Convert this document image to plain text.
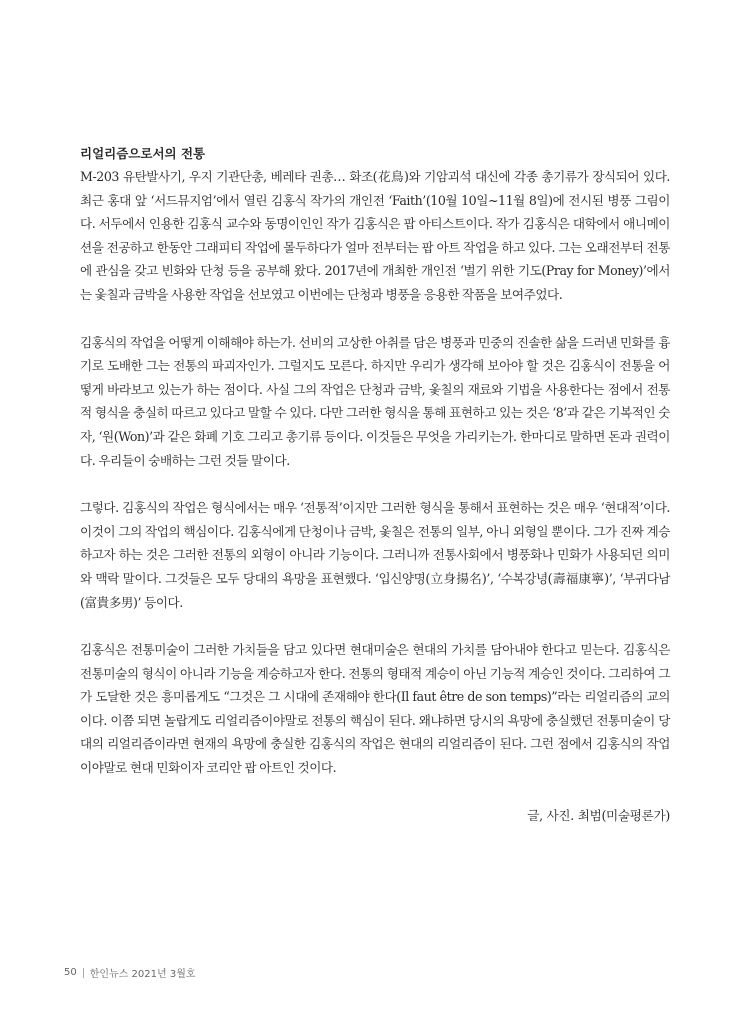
리얼리즘으로서의 전통

M-203 유탄발사기, 우지 기관단총, 베레타 권총… 화조(花鳥)와 기암괴석 대신에 각종 총기류가 장식되어 있다. 최근 홍대 앞 ‘서드뮤지엄’에서 열린 김홍식 작가의 개인전 ‘Faith’(10월 10일~11월 8일)에 전시된 병풍 그림이다. 서두에서 인용한 김홍식 교수와 동명이인인 작가 김홍식은 팝 아티스트이다. 작가 김홍식은 대학에서 애니메이션을 전공하고 한동안 그래피티 작업에 몰두하다가 얼마 전부터는 팝 아트 작업을 하고 있다. 그는 오래전부터 전통에 관심을 갖고 빈화와 단청 등을 공부해 왔다. 2017년에 개최한 개인전 ‘벌기 위한 기도(Pray for Money)’에서는 옻칠과 금박을 사용한 작업을 선보였고 이번에는 단청과 병풍을 응용한 작품을 보여주었다.

김홍식의 작업을 어떻게 이해해야 하는가. 선비의 고상한 아취를 담은 병풍과 민중의 진솔한 삶을 드러낸 민화를 흉기로 도배한 그는 전통의 파괴자인가. 그럴지도 모른다. 하지만 우리가 생각해 보아야 할 것은 김홍식이 전통을 어떻게 바라보고 있는가 하는 점이다. 사실 그의 작업은 단청과 금박, 옻칠의 재료와 기법을 사용한다는 점에서 전통적 형식을 충실히 따르고 있다고 말할 수 있다. 다만 그러한 형식을 통해 표현하고 있는 것은 ‘8’과 같은 기복적인 숫자, ‘원(Won)’과 같은 화폐 기호 그리고 총기류 등이다. 이것들은 무엇을 가리키는가. 한마디로 말하면 돈과 권력이다. 우리들이 숭배하는 그런 것들 말이다.

그렇다. 김홍식의 작업은 형식에서는 매우 ‘전통적’이지만 그러한 형식을 통해서 표현하는 것은 매우 ‘현대적’이다. 이것이 그의 작업의 핵심이다. 김홍식에게 단청이나 금박, 옻칠은 전통의 일부, 아니 외형일 뿐이다. 그가 진짜 계승하고자 하는 것은 그러한 전통의 외형이 아니라 기능이다. 그러니까 전통사회에서 병풍화나 민화가 사용되던 의미와 맥락 말이다. 그것들은 모두 당대의 욕망을 표현했다. ‘입신양명(立身揚名)’, ‘수복강녕(壽福康寧)’, ‘부귀다남(富貴多男)’ 등이다.

김홍식은 전통미술이 그러한 가치들을 담고 있다면 현대미술은 현대의 가치를 담아내야 한다고 믿는다. 김홍식은 전통미술의 형식이 아니라 기능을 계승하고자 한다. 전통의 형태적 계승이 아닌 기능적 계승인 것이다. 그리하여 그가 도달한 것은 흥미롭게도 “그것은 그 시대에 존재해야 한다(Il faut être de son temps)”라는 리얼리즘의 교의이다. 이쯤 되면 놀랍게도 리얼리즘이야말로 전통의 핵심이 된다. 왜냐하면 당시의 욕망에 충실했던 전통미술이 당대의 리얼리즘이라면 현재의 욕망에 충실한 김홍식의 작업은 현대의 리얼리즘이 된다. 그런 점에서 김홍식의 작업이야말로 현대 민화이자 코리안 팝 아트인 것이다.

글, 사진. 최범(미술평론가)
50 한인뉴스 2021년 3월호
